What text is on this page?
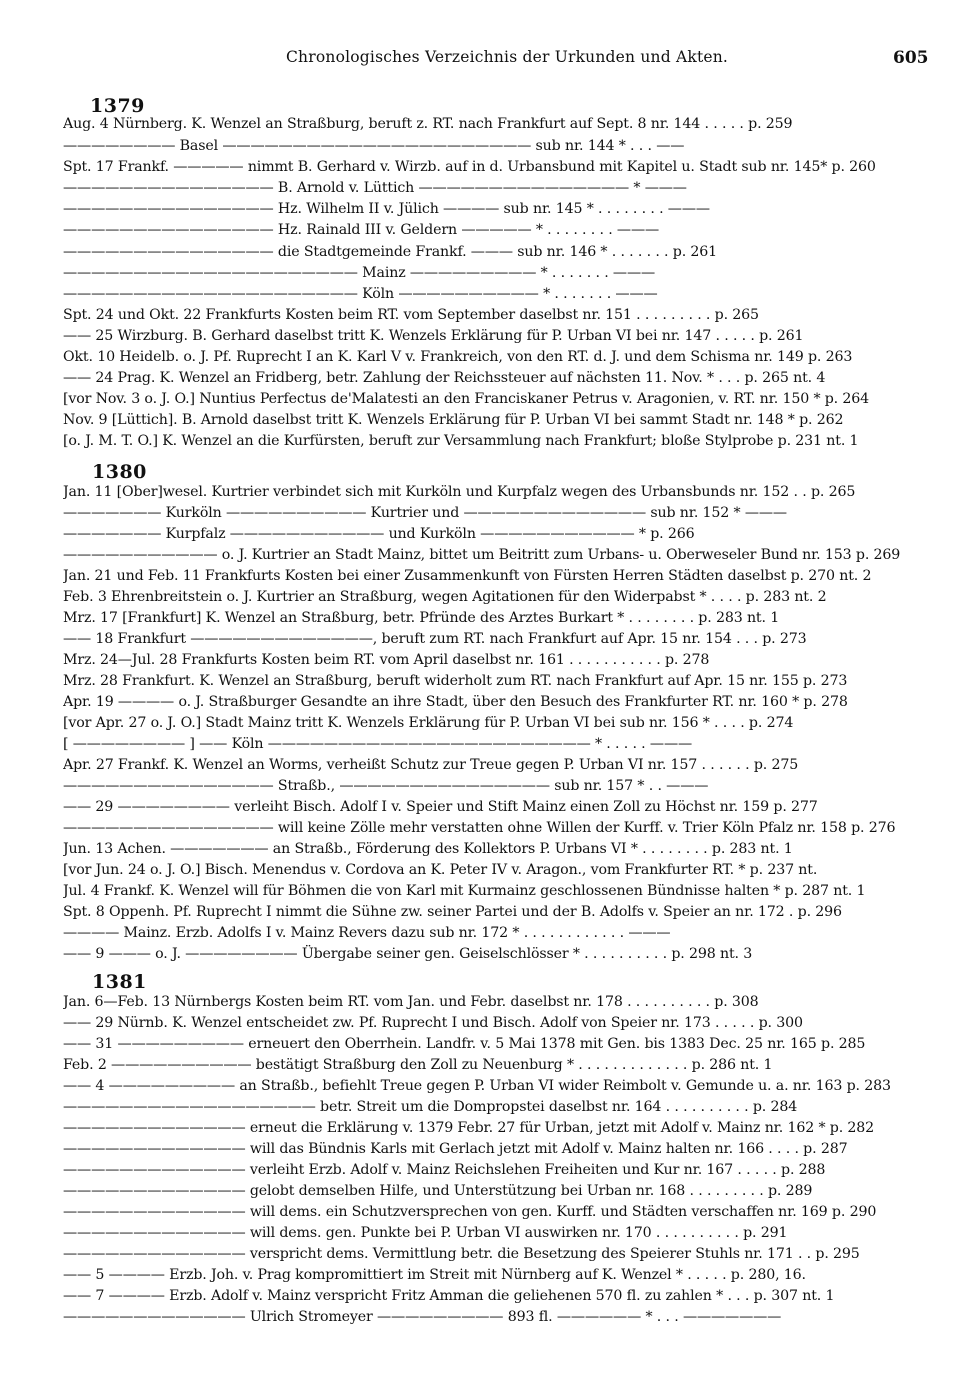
Chronologisches Verzeichnis der Urkunden und Akten.	605
1379
Aug. 4 Nürnberg. K. Wenzel an Straßburg, beruft z. RT. nach Frankfurt auf Sept. 8 nr. 144 . . . . . p. 259
———————— Basel —————————————————————— sub nr. 144 * . . . ——
Spt. 17 Frankf. ————— nimmt B. Gerhard v. Wirzb. auf in d. Urbansbund mit Kapitel u. Stadt sub nr. 145* p. 260
——————————————— B. Arnold v. Lüttich ——————————————— * ———
——————————————— Hz. Wilhelm II v. Jülich ———— sub nr. 145 * . . . . . . . . ———
——————————————— Hz. Rainald III v. Geldern ————— * . . . . . . . . ———
——————————————— die Stadtgemeinde Frankf. ——— sub nr. 146 * . . . . . . . p. 261
————————————————————— Mainz ————————— * . . . . . . . ———
————————————————————— Köln —————————— * . . . . . . . ———
Spt. 24 und Okt. 22 Frankfurts Kosten beim RT. vom September daselbst nr. 151 . . . . . . . . . p. 265
—— 25 Wirzburg. B. Gerhard daselbst tritt K. Wenzels Erklärung für P. Urban VI bei nr. 147 . . . . . p. 261
Okt. 10 Heidelb. o. J. Pf. Ruprecht I an K. Karl V v. Frankreich, von den RT. d. J. und dem Schisma nr. 149 p. 263
—— 24 Prag. K. Wenzel an Fridberg, betr. Zahlung der Reichssteuer auf nächsten 11. Nov. * . . . p. 265 nt. 4
[vor Nov. 3 o. J. O.] Nuntius Perfectus de'Malatesti an den Franciskaner Petrus v. Aragonien, v. RT. nr. 150 * p. 264
Nov. 9 [Lüttich]. B. Arnold daselbst tritt K. Wenzels Erklärung für P. Urban VI bei sammt Stadt nr. 148 * p. 262
[o. J. M. T. O.] K. Wenzel an die Kurfürsten, beruft zur Versammlung nach Frankfurt; bloße Stylprobe p. 231 nt. 1
1380
Jan. 11 [Ober]wesel. Kurtrier verbindet sich mit Kurköln und Kurpfalz wegen des Urbansbunds nr. 152 . . p. 265
——————— Kurköln —————————— Kurtrier und ————————————— sub nr. 152 * ———
——————— Kurpfalz ——————————— und Kurköln ——————————— * p. 266
——————————— o. J. Kurtrier an Stadt Mainz, bittet um Beitritt zum Urbans- u. Oberweseler Bund nr. 153 p. 269
Jan. 21 und Feb. 11 Frankfurts Kosten bei einer Zusammenkunft von Fürsten Herren Städten daselbst p. 270 nt. 2
Feb. 3 Ehrenbreitstein o. J. Kurtrier an Straßburg, wegen Agitationen für den Widerpabst * . . . . p. 283 nt. 2
Mrz. 17 [Frankfurt] K. Wenzel an Straßburg, betr. Pfründe des Arztes Burkart * . . . . . . . . p. 283 nt. 1
—— 18 Frankfurt —————————————, beruft zum RT. nach Frankfurt auf Apr. 15 nr. 154 . . . p. 273
Mrz. 24—Jul. 28 Frankfurts Kosten beim RT. vom April daselbst nr. 161 . . . . . . . . . . . p. 278
Mrz. 28 Frankfurt. K. Wenzel an Straßburg, beruft widerholt zum RT. nach Frankfurt auf Apr. 15 nr. 155 p. 273
Apr. 19 ———— o. J. Straßburger Gesandte an ihre Stadt, über den Besuch des Frankfurter RT. nr. 160 * p. 278
[vor Apr. 27 o. J. O.] Stadt Mainz tritt K. Wenzels Erklärung für P. Urban VI bei sub nr. 156 * . . . . p. 274
[ ———————— ] —— Köln ——————————————————————— * . . . . . ———
Apr. 27 Frankf. K. Wenzel an Worms, verheißt Schutz zur Treue gegen P. Urban VI nr. 157 . . . . . . p. 275
——————————————— Straßb., ——————————————— sub nr. 157 * . . ———
—— 29 ———————— verleiht Bisch. Adolf I v. Speier und Stift Mainz einen Zoll zu Höchst nr. 159 p. 277
——————————————— will keine Zölle mehr verstatten ohne Willen der Kurff. v. Trier Köln Pfalz nr. 158 p. 276
Jun. 13 Achen. ——————— an Straßb., Förderung des Kollektors P. Urbans VI * . . . . . . . . p. 283 nt. 1
[vor Jun. 24 o. J. O.] Bisch. Menendus v. Cordova an K. Peter IV v. Aragon., vom Frankfurter RT. * p. 237 nt.
Jul. 4 Frankf. K. Wenzel will für Böhmen die von Karl mit Kurmainz geschlossenen Bündnisse halten * p. 287 nt. 1
Spt. 8 Oppenh. Pf. Ruprecht I nimmt die Sühne zw. seiner Partei und der B. Adolfs v. Speier an nr. 172 . p. 296
———— Mainz. Erzb. Adolfs I v. Mainz Revers dazu sub nr. 172 * . . . . . . . . . . . . ———
—— 9 ——— o. J. ———————— Übergabe seiner gen. Geiselschlösser * . . . . . . . . . . p. 298 nt. 3
1381
Jan. 6—Feb. 13 Nürnbergs Kosten beim RT. vom Jan. und Febr. daselbst nr. 178 . . . . . . . . . . p. 308
—— 29 Nürnb. K. Wenzel entscheidet zw. Pf. Ruprecht I und Bisch. Adolf von Speier nr. 173 . . . . . p. 300
—— 31 ————————— erneuert den Oberrhein. Landfr. v. 5 Mai 1378 mit Gen. bis 1383 Dec. 25 nr. 165 p. 285
Feb. 2 —————————— bestätigt Straßburg den Zoll zu Neuenburg * . . . . . . . . . . . . . p. 286 nt. 1
—— 4 ————————— an Straßb., befiehlt Treue gegen P. Urban VI wider Reimbolt v. Gemunde u. a. nr. 163 p. 283
—————————————————— betr. Streit um die Dompropstei daselbst nr. 164 . . . . . . . . . . p. 284
————————————— erneut die Erklärung v. 1379 Febr. 27 für Urban, jetzt mit Adolf v. Mainz nr. 162 * p. 282
————————————— will das Bündnis Karls mit Gerlach jetzt mit Adolf v. Mainz halten nr. 166 . . . . p. 287
————————————— verleiht Erzb. Adolf v. Mainz Reichslehen Freiheiten und Kur nr. 167 . . . . . p. 288
————————————— gelobt demselben Hilfe, und Unterstützung bei Urban nr. 168 . . . . . . . . . p. 289
————————————— will dems. ein Schutzversprechen von gen. Kurff. und Städten verschaffen nr. 169 p. 290
————————————— will dems. gen. Punkte bei P. Urban VI auswirken nr. 170 . . . . . . . . . . p. 291
————————————— verspricht dems. Vermittlung betr. die Besetzung des Speierer Stuhls nr. 171 . . p. 295
—— 5 ———— Erzb. Joh. v. Prag kompromittiert im Streit mit Nürnberg auf K. Wenzel * . . . . . p. 280, 16.
—— 7 ———— Erzb. Adolf v. Mainz verspricht Fritz Amman die geliehenen 570 fl. zu zahlen * . . . p. 307 nt. 1
————————————— Ulrich Stromeyer ————————— 893 fl. —————— * . . . ———————
